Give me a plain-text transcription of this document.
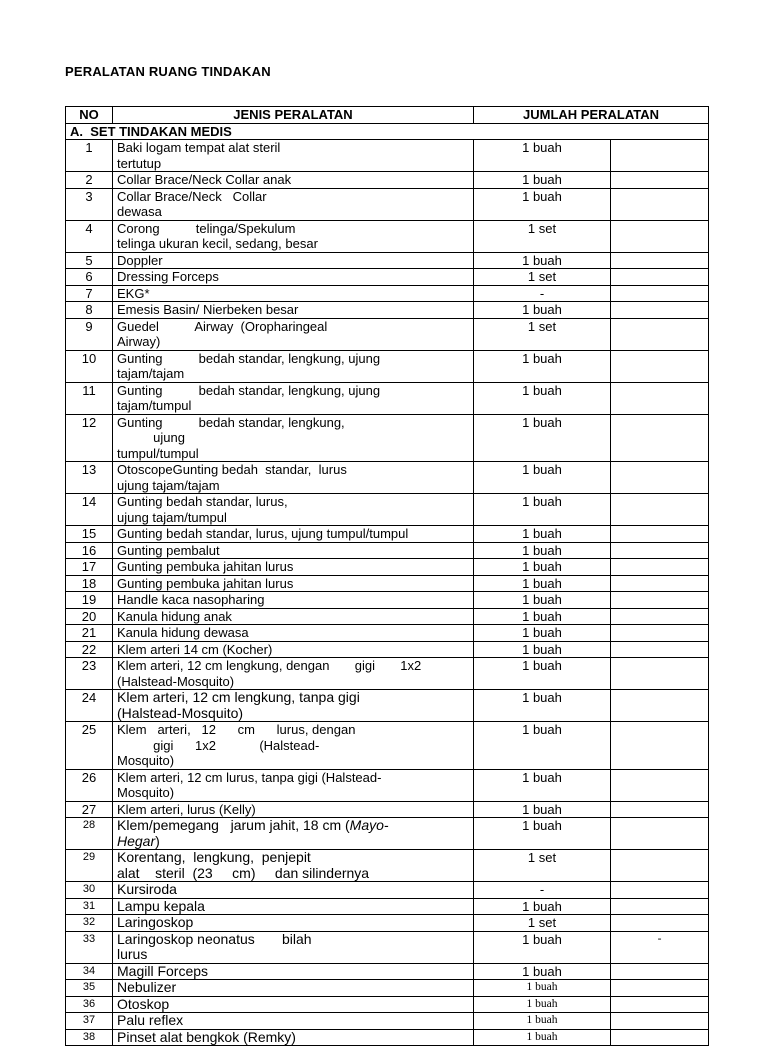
PERALATAN RUANG TINDAKAN
NO	JENIS PERALATAN	JUMLAH PERALATAN	
A.  SET TINDAKAN MEDIS			
1	Baki logam tempat alat steril
tertutup	1 buah	
2	Collar Brace/Neck Collar anak	1 buah	
3	Collar Brace/Neck   Collar
dewasa	1 buah	
4	Corong          telinga/Spekulum
telinga ukuran kecil, sedang, besar	1 set	
5	Doppler	1 buah	
6	Dressing Forceps	1 set	
7	EKG*	-	
8	Emesis Basin/ Nierbeken besar	1 buah	
9	Guedel          Airway  (Oropharingeal
Airway)	1 set	
10	Gunting          bedah standar, lengkung, ujung
tajam/tajam	1 buah	
11	Gunting          bedah standar, lengkung, ujung
tajam/tumpul	1 buah	
12	Gunting          bedah standar, lengkung,
ujung
tumpul/tumpul	1 buah	
13	OtoscopeGunting bedah  standar,  lurus
ujung tajam/tajam	1 buah	
14	Gunting bedah standar, lurus,
ujung tajam/tumpul	1 buah	
15	Gunting bedah standar, lurus, ujung tumpul/tumpul	1 buah	
16	Gunting pembalut	1 buah	
17	Gunting pembuka jahitan lurus	1 buah	
18	Gunting pembuka jahitan lurus	1 buah	
19	Handle kaca nasopharing	1 buah	
20	Kanula hidung anak	1 buah	
21	Kanula hidung dewasa	1 buah	
22	Klem arteri 14 cm (Kocher)	1 buah	
23	Klem arteri, 12 cm lengkung, dengan       gigi       1x2
(Halstead-Mosquito)	1 buah	
24	Klem arteri, 12 cm lengkung, tanpa gigi
(Halstead-Mosquito)	1 buah	
25	Klem   arteri,   12      cm      lurus, dengan
gigi      1x2            (Halstead-
Mosquito)	1 buah	
26	Klem arteri, 12 cm lurus, tanpa gigi (Halstead-
Mosquito)	1 buah	
27	Klem arteri, lurus (Kelly)	1 buah	
28	Klem/pemegang   jarum jahit, 18 cm (Mayo-
Hegar)	1 buah	
29	Korentang,  lengkung,  penjepit
alat    steril  (23     cm)     dan silindernya	1 set	
30	Kursiroda	-	
31	Lampu kepala	1 buah	
32	Laringoskop	1 set	
33	Laringoskop neonatus       bilah
lurus	1 buah	-
34	Magill Forceps	1 buah	
35	Nebulizer	1 buah	
36	Otoskop	1 buah	
37	Palu reflex	1 buah	
38	Pinset alat bengkok (Remky)	1 buah	
